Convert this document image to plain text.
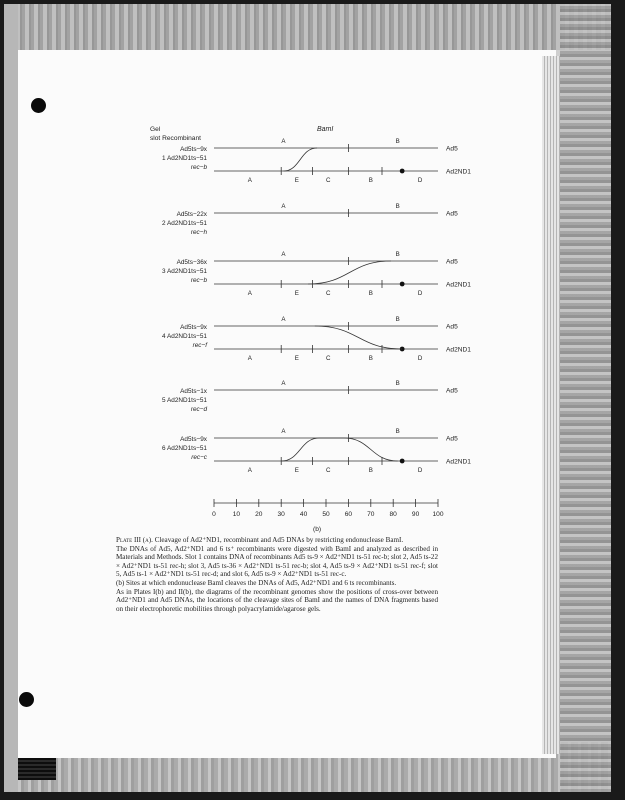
Gel
slot Recombinant
BamI
Ad5ts−9x
1 Ad2ND1ts−51
rec−b
A	B
Ad5
A	E	C	B	D
Ad2ND1
Ad5ts−22x
2 Ad2ND1ts−51
rec−h
A	B
Ad5
Ad5ts−36x
3 Ad2ND1ts−51
rec−b
A	B
Ad5
A	E	C	B	D
Ad2ND1
Ad5ts−9x
4 Ad2ND1ts−51
rec−f
A	B
Ad5
A	E	C	B	D
Ad2ND1
Ad5ts−1x
5 Ad2ND1ts−51
rec−d
A	B
Ad5
Ad5ts−9x
6 Ad2ND1ts−51
rec−c
A	B
Ad5
A	E	C	B	D
Ad2ND1
0	10 20 30 40 50 60 70 80 90 100
(b)

Plate III (a). Cleavage of Ad2⁺ND1, recombinant and Ad5 DNAs by restricting endonuclease BamI.

The DNAs of Ad5, Ad2⁺ND1 and 6 ts⁺ recombinants were digested with BamI and analyzed as described in Materials and Methods. Slot 1 contains DNA of recombinants Ad5 ts-9 × Ad2⁺ND1 ts-51 rec-b; slot 2, Ad5 ts-22 × Ad2⁺ND1 ts-51 rec-h; slot 3, Ad5 ts-36 × Ad2⁺ND1 ts-51 rec-b; slot 4, Ad5 ts-9 × Ad2⁺ND1 ts-51 rec-f; slot 5, Ad5 ts-1 × Ad2⁺ND1 ts-51 rec-d; and slot 6, Ad5 ts-9 × Ad2⁺ND1 ts-51 rec-c.

(b) Sites at which endonuclease BamI cleaves the DNAs of Ad5, Ad2⁺ND1 and 6 ts recombinants.

As in Plates I(b) and II(b), the diagrams of the recombinant genomes show the positions of cross-over between Ad2⁺ND1 and Ad5 DNAs, the locations of the cleavage sites of BamI and the names of DNA fragments based on their electrophoretic mobilities through polyacrylamide/agarose gels.
